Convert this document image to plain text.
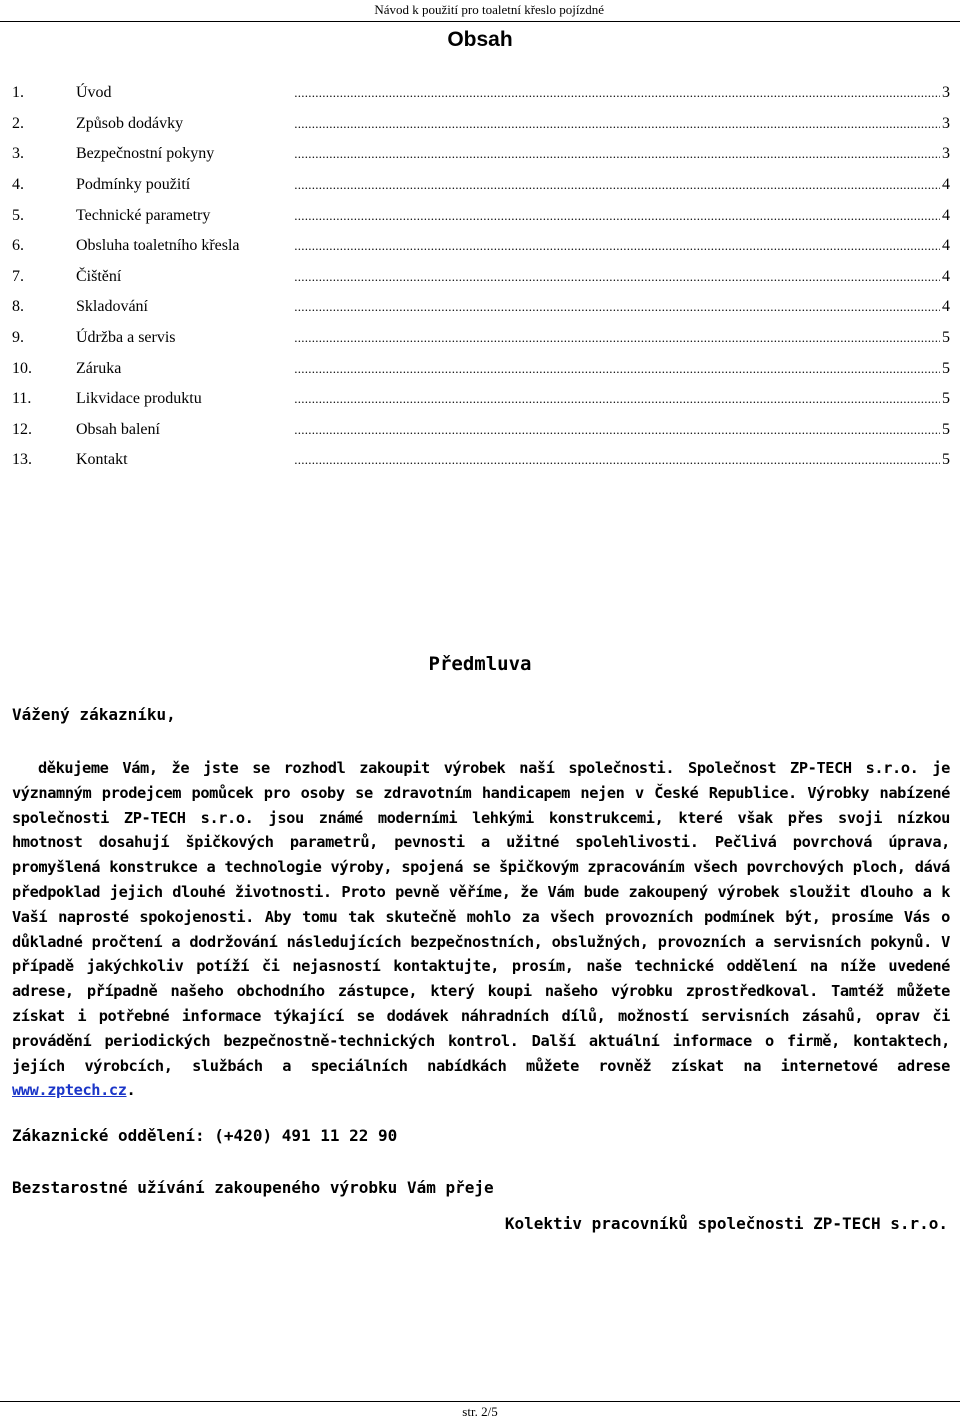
Návod k použití pro toaletní křeslo pojízdné
Obsah
1.	Úvod . . .	3
2.	Způsob dodávky . . .	3
3.	Bezpečnostní pokyny . . .	3
4.	Podmínky použití . . .	4
5.	Technické parametry . . .	4
6.	Obsluha toaletního křesla . . .	4
7.	Čištění . . .	4
8.	Skladování . . .	4
9.	Údržba a servis . . .	5
10.	Záruka . . .	5
11.	Likvidace produktu . . .	5
12.	Obsah balení . . .	5
13.	Kontakt . . .	5
Předmluva
Vážený zákazníku,
děkujeme Vám, že jste se rozhodl zakoupit výrobek naší společnosti. Společnost ZP-TECH s.r.o. je významným prodejcem pomůcek pro osoby se zdravotním handicapem nejen v České Republice. Výrobky nabízené společnosti ZP-TECH s.r.o. jsou známé moderními lehkými konstrukcemi, které však přes svoji nízkou hmotnost dosahují špičkových parametrů, pevnosti a užitné spolehlivosti. Pečlivá povrchová úprava, promyšlená konstrukce a technologie výroby, spojená se špičkovým zpracováním všech povrchových ploch, dává předpoklad jejich dlouhé životnosti. Proto pevně věříme, že Vám bude zakoupený výrobek sloužit dlouho a k Vaší naprosté spokojenosti. Aby tomu tak skutečně mohlo za všech provozních podmínek být, prosíme Vás o důkladné pročtení a dodržování následujících bezpečnostních, obslužných, provozních a servisních pokynů. V případě jakýchkoliv potíží či nejasností kontaktujte, prosím, naše technické oddělení na níže uvedené adrese, případně našeho obchodního zástupce, který koupi našeho výrobku zprostředkoval. Tamtéž můžete získat i potřebné informace týkající se dodávek náhradních dílů, možností servisních zásahů, oprav či provádění periodických bezpečnostně-technických kontrol. Další aktuální informace o firmě, kontaktech, jejích výrobcích, službách a speciálních nabídkách můžete rovněž získat na internetové adrese www.zptech.cz.
Zákaznické oddělení: (+420) 491 11 22 90
Bezstarostné užívání zakoupeného výrobku Vám přeje
Kolektiv pracovníků společnosti ZP-TECH s.r.o.
str. 2/5
